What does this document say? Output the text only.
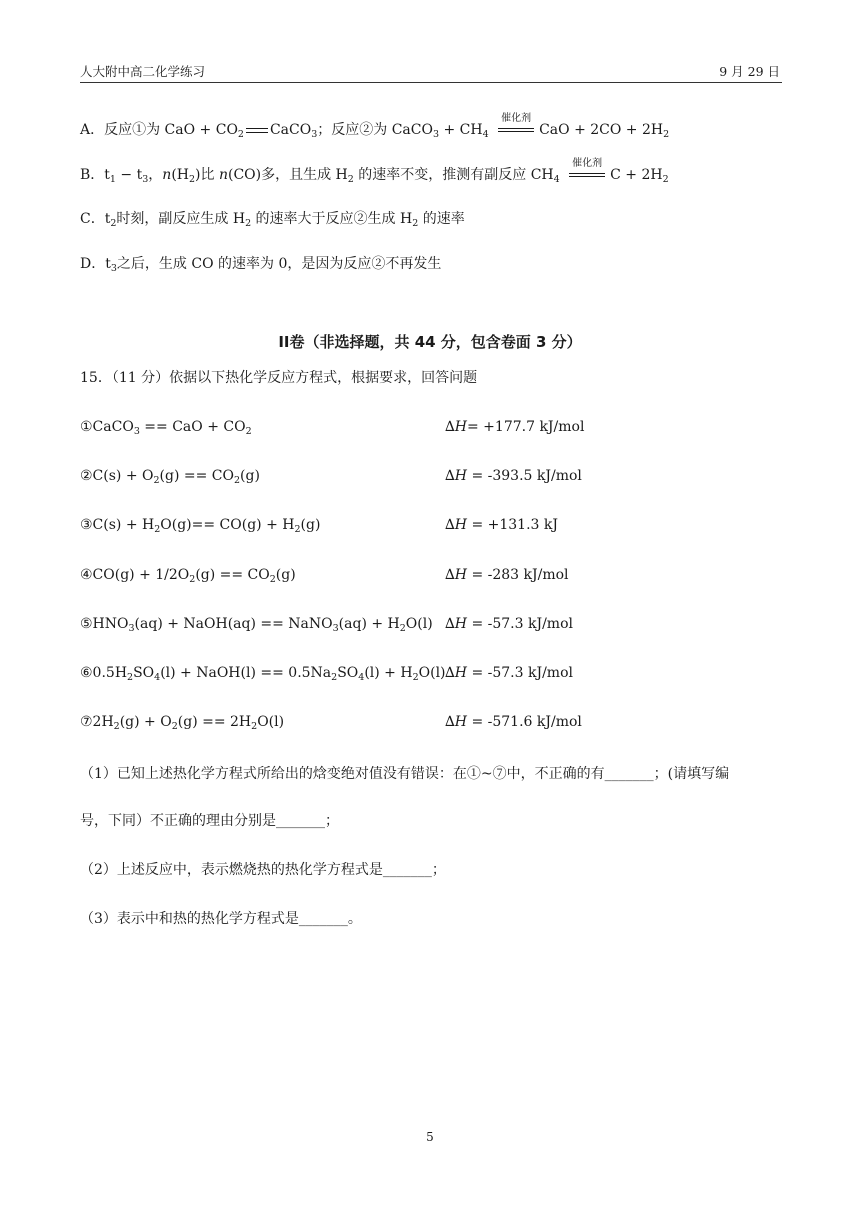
人大附中高二化学练习	9 月 29 日
A．反应①为 CaO + $CO_2$ CaCO$_3$；反应②为 CaCO$_3$ + $CH_4$
催化剂
CaO + $2CO + 2H_2$
B．$t_1 - t_3$，$n(H_2)$比 n(CO)多，且生成 $H_2$ 的速率不变，推测有副反应 $CH_4$
催化剂
$C + 2H_2$
C．$t_2$时刻，副反应生成 $H_2$ 的速率大于反应②生成 $H_2$ 的速率
D．$t_3$之后，生成 CO 的速率为 0，是因为反应②不再发生
II卷（非选择题，共 44 分，包含卷面 3 分）
15．（11 分）依据以下热化学反应方程式，根据要求，回答问题
①CaCO$_3$ == CaO + $CO_2$	∆H= +177.7 kJ/mol
②C(s) + $O_2(g) == CO_2(g)$	∆H = -393.5 kJ/mol
③C(s) + $H_2O(g)== CO(g) + H_2(g)$	∆H = +131.3 kJ
④CO(g) + $1/2O_2(g) == CO_2(g)$	∆H = -283 kJ/mol
$⑤HNO_3(aq)$ + NaOH(aq) == NaNO$_3$(aq) + $H_2O(l) \Delta H = -57.3$ kJ/mol
$⑥0.5H_2SO_4(l)$ + NaOH(l) == $0.5Na_2SO_4(l) + H_2O(l) \Delta H = -57.3$ kJ/mol
$⑦2H_2(g) + O_2(g) == 2H_2O(l)$	∆H = -571.6 kJ/mol
（1）已知上述热化学方程式所给出的焓变绝对值没有错误：在①~⑦中，不正确的有_______；(请填写编
号，下同）不正确的理由分别是_______；
（2）上述反应中，表示燃烧热的热化学方程式是_______；
（3）表示中和热的热化学方程式是_______。
5
